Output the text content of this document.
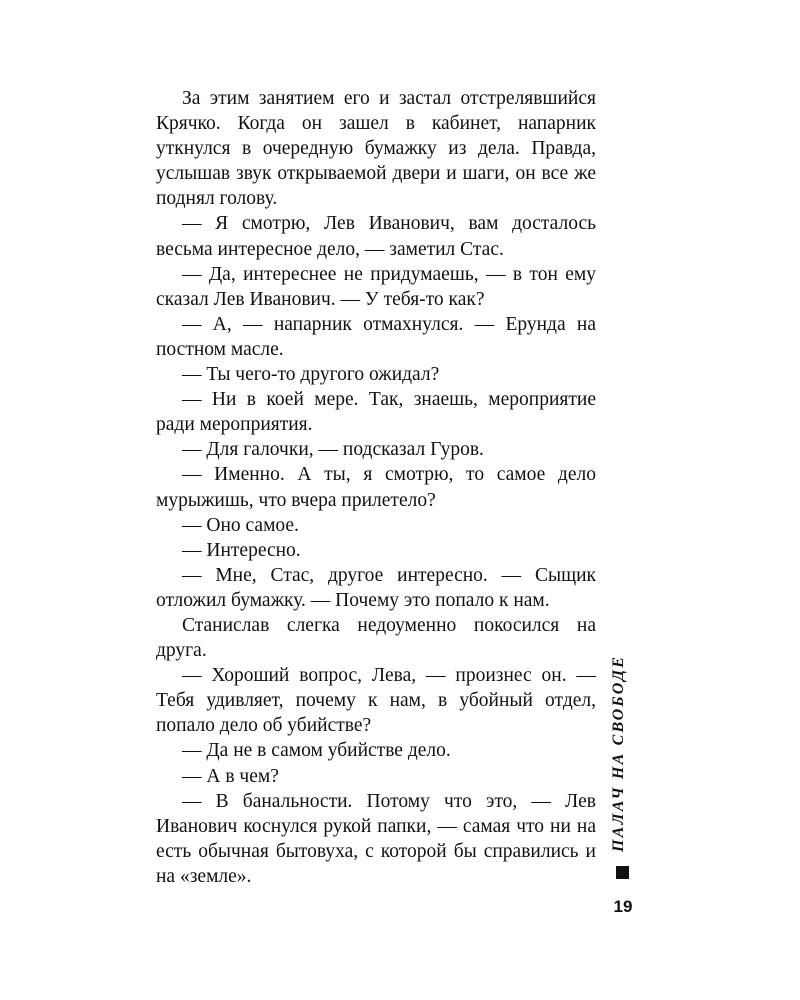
За этим занятием его и застал отстрелявшийся Крячко. Когда он зашел в кабинет, напарник уткнулся в очередную бумажку из дела. Правда, услышав звук открываемой двери и шаги, он все же поднял голову.

— Я смотрю, Лев Иванович, вам досталось весьма интересное дело, — заметил Стас.

— Да, интереснее не придумаешь, — в тон ему сказал Лев Иванович. — У тебя-то как?

— А, — напарник отмахнулся. — Ерунда на постном масле.

— Ты чего-то другого ожидал?

— Ни в коей мере. Так, знаешь, мероприятие ради мероприятия.

— Для галочки, — подсказал Гуров.

— Именно. А ты, я смотрю, то самое дело мурыжишь, что вчера прилетело?

— Оно самое.

— Интересно.

— Мне, Стас, другое интересно. — Сыщик отложил бумажку. — Почему это попало к нам.

Станислав слегка недоуменно покосился на друга.

— Хороший вопрос, Лева, — произнес он. — Тебя удивляет, почему к нам, в убойный отдел, попало дело об убийстве?

— Да не в самом убийстве дело.

— А в чем?

— В банальности. Потому что это, — Лев Иванович коснулся рукой папки, — самая что ни на есть обычная бытовуха, с которой бы справились и на «земле».

ПАЛАЧ НА СВОБОДЕ
19
